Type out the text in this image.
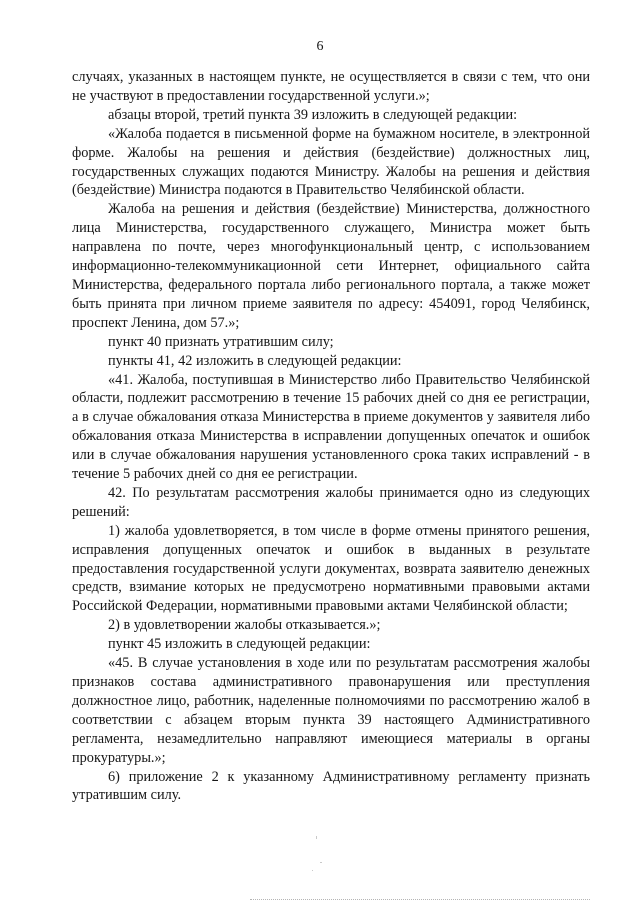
6

случаях, указанных в настоящем пункте, не осуществляется в связи с тем, что они не участвуют в предоставлении государственной услуги.»;

абзацы второй, третий пункта 39 изложить в следующей редакции:

«Жалоба подается в письменной форме на бумажном носителе, в электронной форме. Жалобы на решения и действия (бездействие) должностных лиц, государственных служащих подаются Министру. Жалобы на решения и действия (бездействие) Министра подаются в Правительство Челябинской области.

Жалоба на решения и действия (бездействие) Министерства, должностного лица Министерства, государственного служащего, Министра может быть направлена по почте, через многофункциональный центр, с использованием информационно-телекоммуникационной сети Интернет, официального сайта Министерства, федерального портала либо регионального портала, а также может быть принята при личном приеме заявителя по адресу: 454091, город Челябинск, проспект Ленина, дом 57.»;

пункт 40 признать утратившим силу;

пункты 41, 42 изложить в следующей редакции:

«41. Жалоба, поступившая в Министерство либо Правительство Челябинской области, подлежит рассмотрению в течение 15 рабочих дней со дня ее регистрации, а в случае обжалования отказа Министерства в приеме документов у заявителя либо обжалования отказа Министерства в исправлении допущенных опечаток и ошибок или в случае обжалования нарушения установленного срока таких исправлений - в течение 5 рабочих дней со дня ее регистрации.

42. По результатам рассмотрения жалобы принимается одно из следующих решений:

1) жалоба удовлетворяется, в том числе в форме отмены принятого решения, исправления допущенных опечаток и ошибок в выданных в результате предоставления государственной услуги документах, возврата заявителю денежных средств, взимание которых не предусмотрено нормативными правовыми актами Российской Федерации, нормативными правовыми актами Челябинской области;

2) в удовлетворении жалобы отказывается.»;

пункт 45 изложить в следующей редакции:

«45. В случае установления в ходе или по результатам рассмотрения жалобы признаков состава административного правонарушения или преступления должностное лицо, работник, наделенные полномочиями по рассмотрению жалоб в соответствии с абзацем вторым пункта 39 настоящего Административного регламента, незамедлительно направляют имеющиеся материалы в органы прокуратуры.»;

6) приложение 2 к указанному Административному регламенту признать утратившим силу.
